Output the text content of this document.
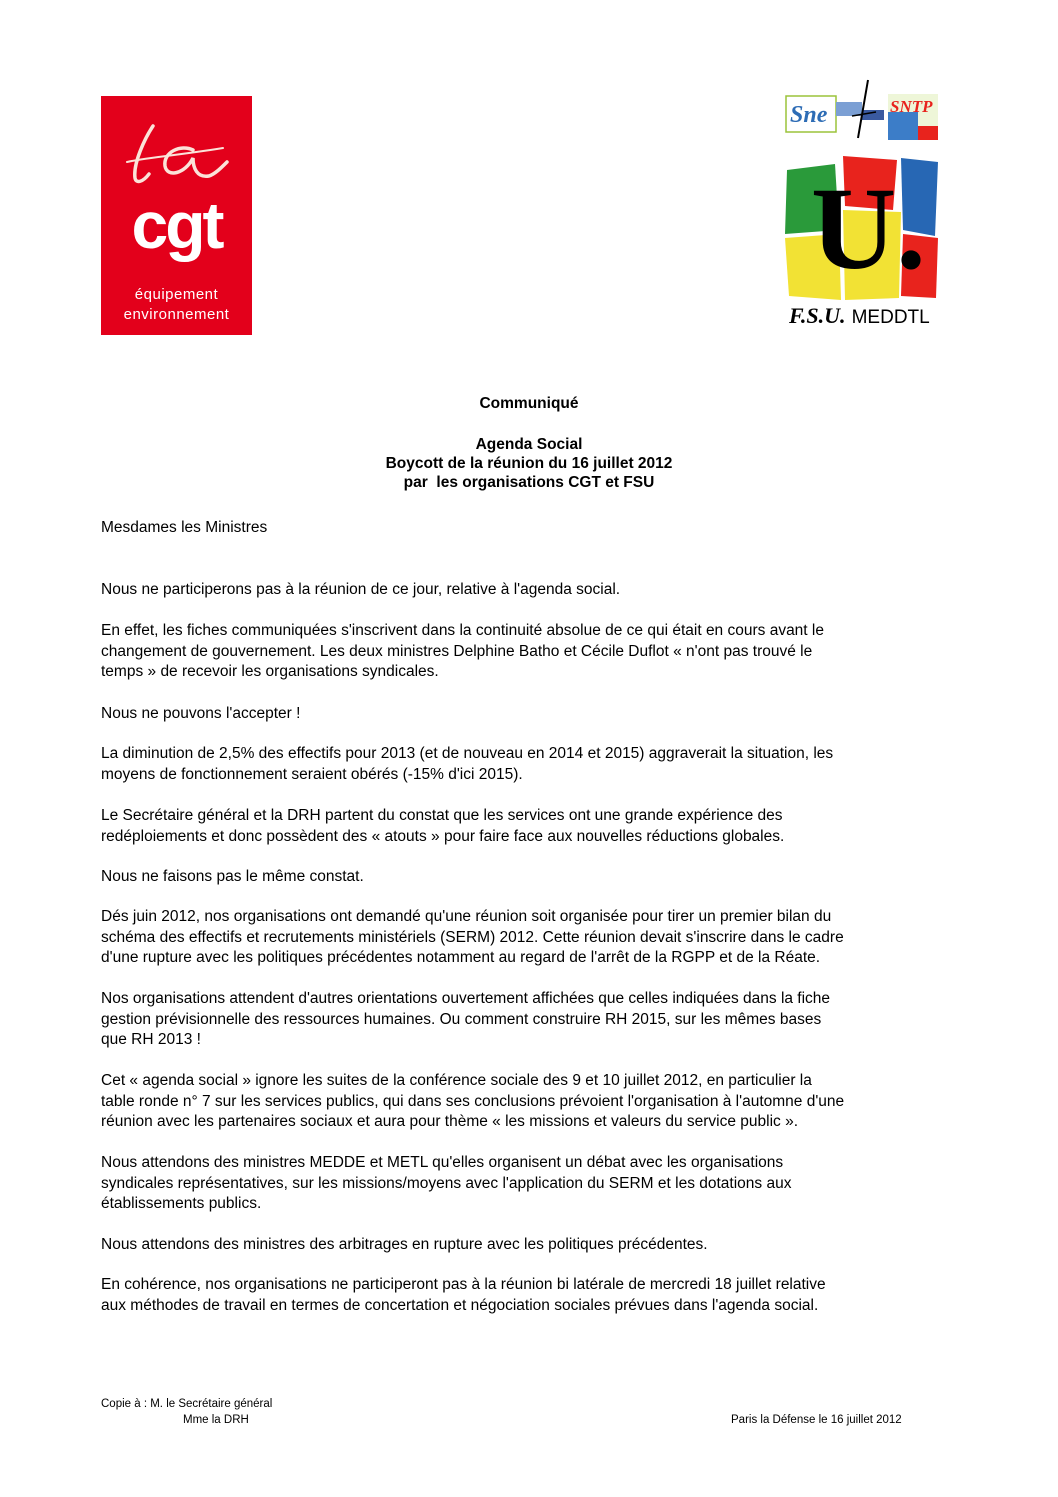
cgt
équipement
environnement
Sne	SNTP
U.
F.S.U. MEDDTL
Communiqué
Agenda Social
Boycott de la réunion du 16 juillet 2012
par  les organisations CGT et FSU
Mesdames les Ministres
Nous ne participerons pas à la réunion de ce jour, relative à l'agenda social.
En effet, les fiches communiquées s'inscrivent dans la continuité absolue de ce qui était en cours avant le
changement de gouvernement. Les deux ministres Delphine Batho et Cécile Duflot « n'ont pas trouvé le
temps » de recevoir les organisations syndicales.
Nous ne pouvons l'accepter !
La diminution de 2,5% des effectifs pour 2013 (et de nouveau en 2014 et 2015) aggraverait la situation, les
moyens de fonctionnement seraient obérés (-15% d'ici 2015).
Le Secrétaire général et la DRH partent du constat que les services ont une grande expérience des
redéploiements et donc possèdent des « atouts » pour faire face aux nouvelles réductions globales.
Nous ne faisons pas le même constat.
Dés juin 2012, nos organisations ont demandé qu'une réunion soit organisée pour tirer un premier bilan du
schéma des effectifs et recrutements ministériels (SERM) 2012. Cette réunion devait s'inscrire dans le cadre
d'une rupture avec les politiques précédentes notamment au regard de l'arrêt de la RGPP et de la Réate.
Nos organisations attendent d'autres orientations ouvertement affichées que celles indiquées dans la fiche
gestion prévisionnelle des ressources humaines. Ou comment construire RH 2015, sur les mêmes bases
que RH 2013 !
Cet « agenda social » ignore les suites de la conférence sociale des 9 et 10 juillet 2012, en particulier la
table ronde n° 7 sur les services publics, qui dans ses conclusions prévoient l'organisation à l'automne d'une
réunion avec les partenaires sociaux et aura pour thème « les missions et valeurs du service public ».
Nous attendons des ministres MEDDE et METL qu'elles organisent un débat avec les organisations
syndicales représentatives, sur les missions/moyens avec l'application du SERM et les dotations aux
établissements publics.
Nous attendons des ministres des arbitrages en rupture avec les politiques précédentes.
En cohérence, nos organisations ne participeront pas à la réunion bi latérale de mercredi 18 juillet relative
aux méthodes de travail en termes de concertation et négociation sociales prévues dans l'agenda social.
Copie à : M. le Secrétaire général
Mme la DRH	Paris la Défense le 16 juillet 2012
